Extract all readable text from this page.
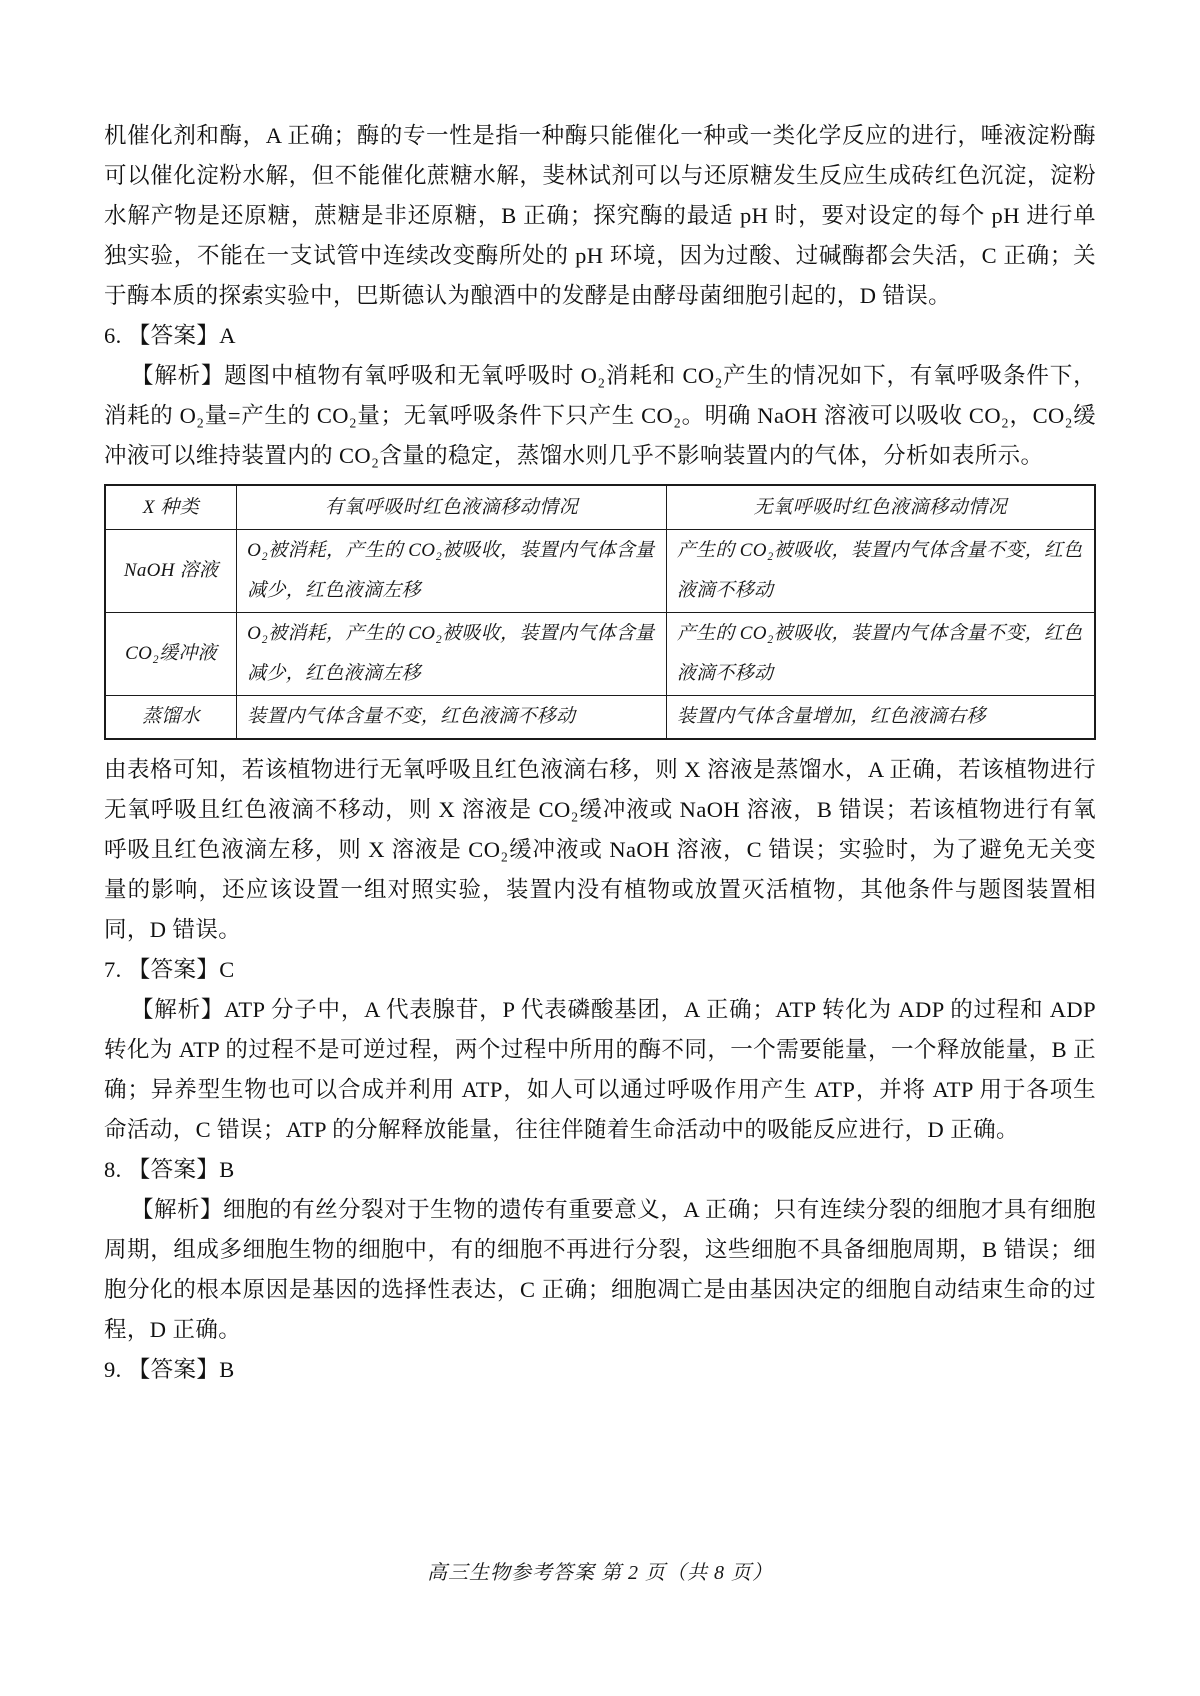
机催化剂和酶，A 正确；酶的专一性是指一种酶只能催化一种或一类化学反应的进行，唾液淀粉酶可以催化淀粉水解，但不能催化蔗糖水解，斐林试剂可以与还原糖发生反应生成砖红色沉淀，淀粉水解产物是还原糖，蔗糖是非还原糖，B 正确；探究酶的最适 pH 时，要对设定的每个 pH 进行单独实验，不能在一支试管中连续改变酶所处的 pH 环境，因为过酸、过碱酶都会失活，C 正确；关于酶本质的探索实验中，巴斯德认为酿酒中的发酵是由酵母菌细胞引起的，D 错误。

6. 【答案】A

【解析】题图中植物有氧呼吸和无氧呼吸时 O₂消耗和 CO₂产生的情况如下，有氧呼吸条件下，消耗的 O₂量=产生的 CO₂量；无氧呼吸条件下只产生 CO₂。明确 NaOH 溶液可以吸收 CO₂，CO₂缓冲液可以维持装置内的 CO₂含量的稳定，蒸馏水则几乎不影响装置内的气体，分析如表所示。

X 种类	有氧呼吸时红色液滴移动情况	无氧呼吸时红色液滴移动情况
NaOH 溶液	O₂被消耗，产生的 CO₂被吸收，装置内气体含量减少，红色液滴左移	产生的 CO₂被吸收，装置内气体含量不变，红色液滴不移动
CO₂缓冲液	O₂被消耗，产生的 CO₂被吸收，装置内气体含量减少，红色液滴左移	产生的 CO₂被吸收，装置内气体含量不变，红色液滴不移动
蒸馏水	装置内气体含量不变，红色液滴不移动	装置内气体含量增加，红色液滴右移

由表格可知，若该植物进行无氧呼吸且红色液滴右移，则 X 溶液是蒸馏水，A 正确，若该植物进行无氧呼吸且红色液滴不移动，则 X 溶液是 CO₂缓冲液或 NaOH 溶液，B 错误；若该植物进行有氧呼吸且红色液滴左移，则 X 溶液是 CO₂缓冲液或 NaOH 溶液，C 错误；实验时，为了避免无关变量的影响，还应该设置一组对照实验，装置内没有植物或放置灭活植物，其他条件与题图装置相同，D 错误。

7. 【答案】C

【解析】ATP 分子中，A 代表腺苷，P 代表磷酸基团，A 正确；ATP 转化为 ADP 的过程和 ADP 转化为 ATP 的过程不是可逆过程，两个过程中所用的酶不同，一个需要能量，一个释放能量，B 正确；异养型生物也可以合成并利用 ATP，如人可以通过呼吸作用产生 ATP，并将 ATP 用于各项生命活动，C 错误；ATP 的分解释放能量，往往伴随着生命活动中的吸能反应进行，D 正确。

8. 【答案】B

【解析】细胞的有丝分裂对于生物的遗传有重要意义，A 正确；只有连续分裂的细胞才具有细胞周期，组成多细胞生物的细胞中，有的细胞不再进行分裂，这些细胞不具备细胞周期，B 错误；细胞分化的根本原因是基因的选择性表达，C 正确；细胞凋亡是由基因决定的细胞自动结束生命的过程，D 正确。

9. 【答案】B

高三生物参考答案 第 2 页（共 8 页）
